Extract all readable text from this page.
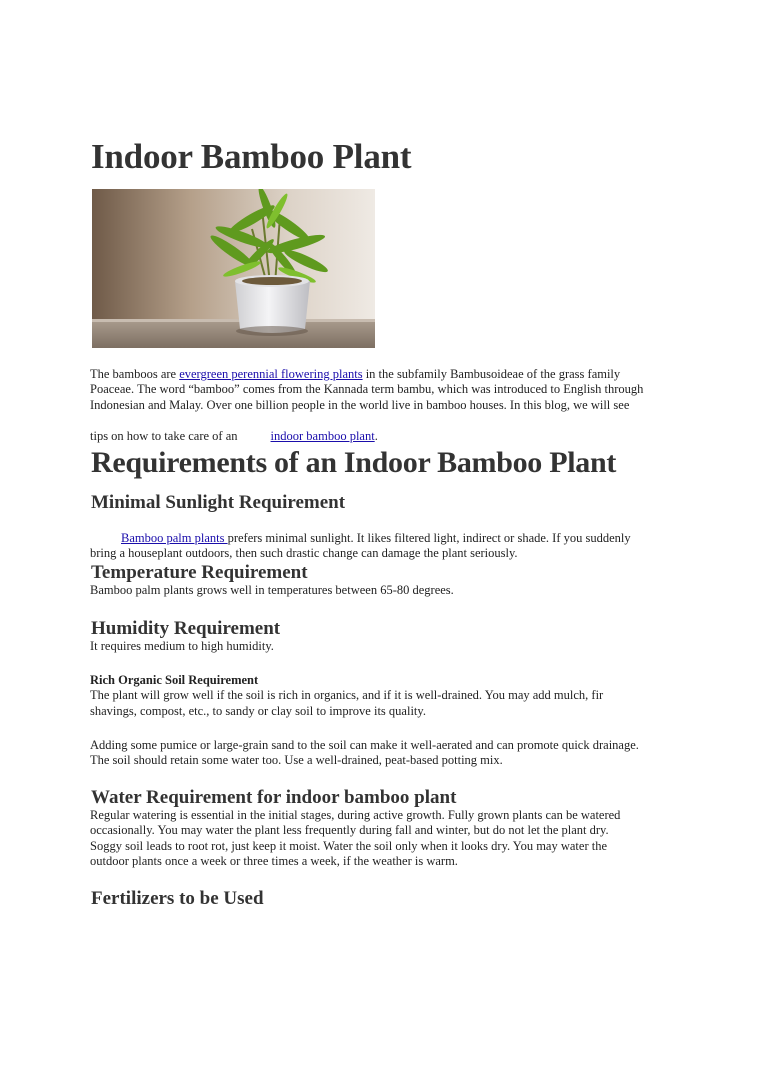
Indoor Bamboo Plant
The bamboos are evergreen perennial flowering plants in the subfamily Bambusoideae of the grass family
Poaceae. The word “bamboo” comes from the Kannada term bambu, which was introduced to English through
Indonesian and Malay. Over one billion people in the world live in bamboo houses. In this blog, we will see
tips on how to take care of an	indoor bamboo plant.
Requirements of an Indoor Bamboo Plant
Minimal Sunlight Requirement
Bamboo palm plants prefers minimal sunlight. It likes filtered light, indirect or shade. If you suddenly
bring a houseplant outdoors, then such drastic change can damage the plant seriously.
Temperature Requirement
Bamboo palm plants grows well in temperatures between 65-80 degrees.
Humidity Requirement
It requires medium to high humidity.
Rich Organic Soil Requirement
The plant will grow well if the soil is rich in organics, and if it is well-drained. You may add mulch, fir
shavings, compost, etc., to sandy or clay soil to improve its quality.
Adding some pumice or large-grain sand to the soil can make it well-aerated and can promote quick drainage.
The soil should retain some water too. Use a well-drained, peat-based potting mix.
Water Requirement for indoor bamboo plant
Regular watering is essential in the initial stages, during active growth. Fully grown plants can be watered
occasionally. You may water the plant less frequently during fall and winter, but do not let the plant dry.
Soggy soil leads to root rot, just keep it moist. Water the soil only when it looks dry. You may water the
outdoor plants once a week or three times a week, if the weather is warm.
Fertilizers to be Used
